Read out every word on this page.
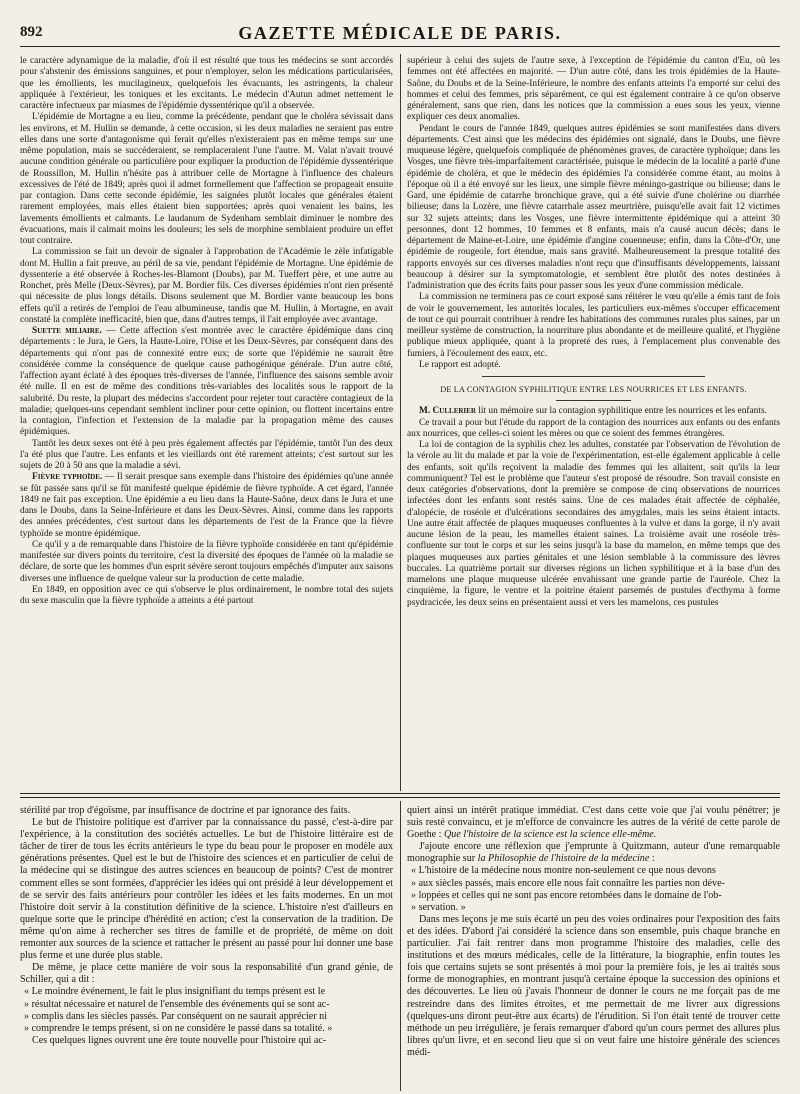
892	GAZETTE MÉDICALE DE PARIS.

le caractère adynamique de la maladie, d'où il est résulté que tous les médecins se sont accordés pour s'abstenir des émissions sanguines, et pour n'employer, selon les médications particularisées, que les émollients, les mucilagineux, quelquefois les évacuants, les astringents, la chaleur appliquée à l'extérieur, les toniques et les excitants. Le médecin d'Autun admet nettement le caractère infectueux par miasmes de l'épidémie dyssentérique qu'il a observée.

L'épidémie de Mortagne a eu lieu, comme la précédente, pendant que le choléra sévissait dans les environs, et M. Hullin se demande, à cette occasion, si les deux maladies ne seraient pas entre elles dans une sorte d'antagonisme qui ferait qu'elles n'existeraient pas en même temps sur une même population, mais se succéderaient, se remplaceraient l'une l'autre. M. Valat n'avait trouvé aucune condition générale ou particulière pour expliquer la production de l'épidémie dyssentérique de Roussillon, M. Hullin n'hésite pas à attribuer celle de Mortagne à l'influence des chaleurs excessives de l'été de 1849; après quoi il admet formellement que l'affection se propageait ensuite par contagion. Dans cette seconde épidémie, les saignées plutôt locales que générales étaient rarement employées, mais elles étaient bien supportées; après quoi venaient les bains, les lavements émollients et calmants. Le laudanum de Sydenham semblait diminuer le nombre des évacuations, mais il calmait moins les douleurs; les sels de morphine semblaient produire un effet tout contraire.

La commission se fait un devoir de signaler à l'approbation de l'Académie le zèle infatigable dont M. Hullin a fait preuve, au péril de sa vie, pendant l'épidémie de Mortagne. Une épidémie de dyssenterie a été observée à Roches-les-Blamont (Doubs), par M. Tueffert père, et une autre au Ronchet, près Melle (Deux-Sèvres), par M. Bordier fils. Ces diverses épidémies n'ont rien présenté qui nécessite de plus longs détails. Disons seulement que M. Bordier vante beaucoup les bons effets qu'il a retirés de l'emploi de l'eau albumineuse, tandis que M. Hullin, à Mortagne, en avait constaté la complète inefficacité, bien que, dans d'autres temps, il l'ait employée avec avantage.

Suette miliaire. — Cette affection s'est montrée avec le caractère épidémique dans cinq départements : le Jura, le Gers, la Haute-Loire, l'Oise et les Deux-Sèvres, par conséquent dans des départements qui n'ont pas de connexité entre eux; de sorte que l'épidémie ne saurait être considérée comme la conséquence de quelque cause pathogénique générale. D'un autre côté, l'affection ayant éclaté à des époques très-diverses de l'année, l'influence des saisons semble avoir été nulle. Il en est de même des conditions très-variables des localités sous le rapport de la salubrité. Du reste, la plupart des médecins s'accordent pour rejeter tout caractère contagieux de la maladie; quelques-uns cependant semblent incliner pour cette opinion, ou flottent incertains entre la contagion, l'infection et l'extension de la maladie par la propagation même des causes épidémiques.

Tantôt les deux sexes ont été à peu près également affectés par l'épidémie, tantôt l'un des deux l'a été plus que l'autre. Les enfants et les vieillards ont été rarement atteints; c'est surtout sur les sujets de 20 à 50 ans que la maladie a sévi.

Fièvre typhoïde. — Il serait presque sans exemple dans l'histoire des épidémies qu'une année se fût passée sans qu'il se fût manifesté quelque épidémie de fièvre typhoïde. A cet égard, l'année 1849 ne fait pas exception. Une épidémie a eu lieu dans la Haute-Saône, deux dans le Jura et une dans le Doubs, dans la Seine-Inférieure et dans les Deux-Sèvres. Ainsi, comme dans les rapports des années précédentes, c'est surtout dans les départements de l'est de la France que la fièvre typhoïde se montre épidémique.

Ce qu'il y a de remarquable dans l'histoire de la fièvre typhoïde considérée en tant qu'épidémie manifestée sur divers points du territoire, c'est la diversité des époques de l'année où la maladie se déclare, de sorte que les hommes d'un esprit sévère seront toujours empêchés d'imputer aux saisons diverses une influence de quelque valeur sur la production de cette maladie.

En 1849, en opposition avec ce qui s'observe le plus ordinairement, le nombre total des sujets du sexe masculin que la fièvre typhoïde a atteints a été partout

supérieur à celui des sujets de l'autre sexe, à l'exception de l'épidémie du canton d'Eu, où les femmes ont été affectées en majorité. — D'un autre côté, dans les trois épidémies de la Haute-Saône, du Doubs et de la Seine-Inférieure, le nombre des enfants atteints l'a emporté sur celui des hommes et celui des femmes, pris séparément, ce qui est également contraire à ce qu'on observe généralement, sans que rien, dans les notices que la commission a eues sous les yeux, vienne expliquer ces deux anomalies.

Pendant le cours de l'année 1849, quelques autres épidémies se sont manifestées dans divers départements. C'est ainsi que les médecins des épidémies ont signalé, dans le Doubs, une fièvre muqueuse légère, quelquefois compliquée de phénomènes graves, de caractère typhoïque; dans les Vosges, une fièvre très-imparfaitement caractérisée, puisque le médecin de la localité a parlé d'une épidémie de choléra, et que le médecin des épidémies l'a considérée comme étant, au moins à l'époque où il a été envoyé sur les lieux, une simple fièvre méningo-gastrique ou bilieuse; dans le Gard, une épidémie de catarrhe bronchique grave, qui a été suivie d'une cholérine ou diarrhée bilieuse; dans la Lozère, une fièvre catarrhale assez meurtrière, puisqu'elle avait fait 12 victimes sur 32 sujets atteints; dans les Vosges, une fièvre intermittente épidémique qui a atteint 30 personnes, dont 12 hommes, 10 femmes et 8 enfants, mais n'a causé aucun décès; dans le département de Maine-et-Loire, une épidémie d'angine couenneuse; enfin, dans la Côte-d'Or, une épidémie de rougeole, fort étendue, mais sans gravité. Malheureusement la presque totalité des rapports envoyés sur ces diverses maladies n'ont reçu que d'insuffisants développements, laissant beaucoup à désirer sur la symptomatologie, et semblent être plutôt des notes destinées à l'administration que des écrits faits pour passer sous les yeux d'une commission médicale.

La commission ne terminera pas ce court exposé sans réitérer le vœu qu'elle a émis tant de fois de voir le gouvernement, les autorités locales, les particuliers eux-mêmes s'occuper efficacement de tout ce qui pourrait contribuer à rendre les habitations des communes rurales plus saines, par un meilleur système de construction, la nourriture plus abondante et de meilleure qualité, et l'hygiène publique mieux appliquée, quant à la propreté des rues, à l'emplacement plus convenable des fumiers, à l'écoulement des eaux, etc.

Le rapport est adopté.

DE LA CONTAGION SYPHILITIQUE ENTRE LES NOURRICES ET LES ENFANTS.

M. Cullerier lit un mémoire sur la contagion syphilitique entre les nourrices et les enfants.

Ce travail a pour but l'étude du rapport de la contagion des nourrices aux enfants ou des enfants aux nourrices, que celles-ci soient les mères ou que ce soient des femmes étrangères.

La loi de contagion de la syphilis chez les adultes, constatée par l'observation de l'évolution de la vérole au lit du malade et par la voie de l'expérimentation, est-elle également applicable à celle des enfants, soit qu'ils reçoivent la maladie des femmes qui les allaitent, soit qu'ils la leur communiquent? Tel est le problème que l'auteur s'est proposé de résoudre. Son travail consiste en deux catégories d'observations, dont la première se compose de cinq observations de nourrices infectées dont les enfants sont restés sains. Une de ces malades était affectée de céphalée, d'alopécie, de roséole et d'ulcérations secondaires des amygdales, mais les seins étaient intacts. Une autre était affectée de plaques muqueuses confluentes à la vulve et dans la gorge, il n'y avait aucune lésion de la peau, les mamelles étaient saines. La troisième avait une roséole très-confluente sur tout le corps et sur les seins jusqu'à la base du mamelon, en même temps que des plaques muqueuses aux parties génitales et une lésion semblable à la commissure des lèvres buccales. La quatrième portait sur diverses régions un lichen syphilitique et à la base d'un des mamelons une plaque muqueuse ulcérée envahissant une grande partie de l'auréole. Chez la cinquième, la figure, le ventre et la poitrine étaient parsemés de pustules d'ecthyma à forme psydracicée, les deux seins en présentaient aussi et vers les mamelons, ces pustules

stérilité par trop d'égoïsme, par insuffisance de doctrine et par ignorance des faits.

Le but de l'histoire politique est d'arriver par la connaissance du passé, c'est-à-dire par l'expérience, à la constitution des sociétés actuelles. Le but de l'histoire littéraire est de tâcher de tirer de tous les écrits antérieurs le type du beau pour le proposer en modèle aux générations présentes. Quel est le but de l'histoire des sciences et en particulier de celui de la médecine qui se distingue des autres sciences en beaucoup de points? C'est de montrer comment elles se sont formées, d'apprécier les idées qui ont présidé à leur développement et de se servir des faits antérieurs pour contrôler les idées et les faits modernes. En un mot l'histoire doit servir à la constitution définitive de la science. L'histoire n'est d'ailleurs en quelque sorte que le principe d'hérédité en action; c'est la conservation de la tradition. De même qu'on aime à rechercher ses titres de famille et de propriété, de même on doit remonter aux sources de la science et rattacher le présent au passé pour lui donner une base plus ferme et une durée plus stable.

De même, je place cette manière de voir sous la responsabilité d'un grand génie, de Schiller, qui a dit :

« Le moindre événement, le fait le plus insignifiant du temps présent est le
» résultat nécessaire et naturel de l'ensemble des événements qui se sont ac-
» complis dans les siècles passés. Par conséquent on ne saurait apprécier ni
» comprendre le temps présent, si on ne considère le passé dans sa totalité. »

Ces quelques lignes ouvrent une ère toute nouvelle pour l'histoire qui ac-

quiert ainsi un intérêt pratique immédiat. C'est dans cette voie que j'ai voulu pénétrer; je suis resté convaincu, et je m'efforce de convaincre les autres de la vérité de cette parole de Goethe : Que l'histoire de la science est la science elle-même.

J'ajoute encore une réflexion que j'emprunte à Quitzmann, auteur d'une remarquable monographie sur la Philosophie de l'histoire de la médecine :

« L'histoire de la médecine nous montre non-seulement ce que nous devons
» aux siècles passés, mais encore elle nous fait connaître les parties non déve-
» loppées et celles qui ne sont pas encore retombées dans le domaine de l'ob-
» servation. »

Dans mes leçons je me suis écarté un peu des voies ordinaires pour l'exposition des faits et des idées. D'abord j'ai considéré la science dans son ensemble, puis chaque branche en particulier. J'ai fait rentrer dans mon programme l'histoire des maladies, celle des institutions et des mœurs médicales, celle de la littérature, la biographie, enfin toutes les fois que certains sujets se sont présentés à moi pour la première fois, je les ai traités sous forme de monographies, en montrant jusqu'à certaine époque la succession des opinions et des découvertes. Le lieu où j'avais l'honneur de donner le cours ne me forçait pas de me restreindre dans des limites étroites, et me permettait de me livrer aux digressions (quelques-uns diront peut-être aux écarts) de l'érudition. Si l'on était tenté de trouver cette méthode un peu irrégulière, je ferais remarquer d'abord qu'un cours permet des allures plus libres qu'un livre, et en second lieu que si on veut faire une histoire générale des sciences médi-
